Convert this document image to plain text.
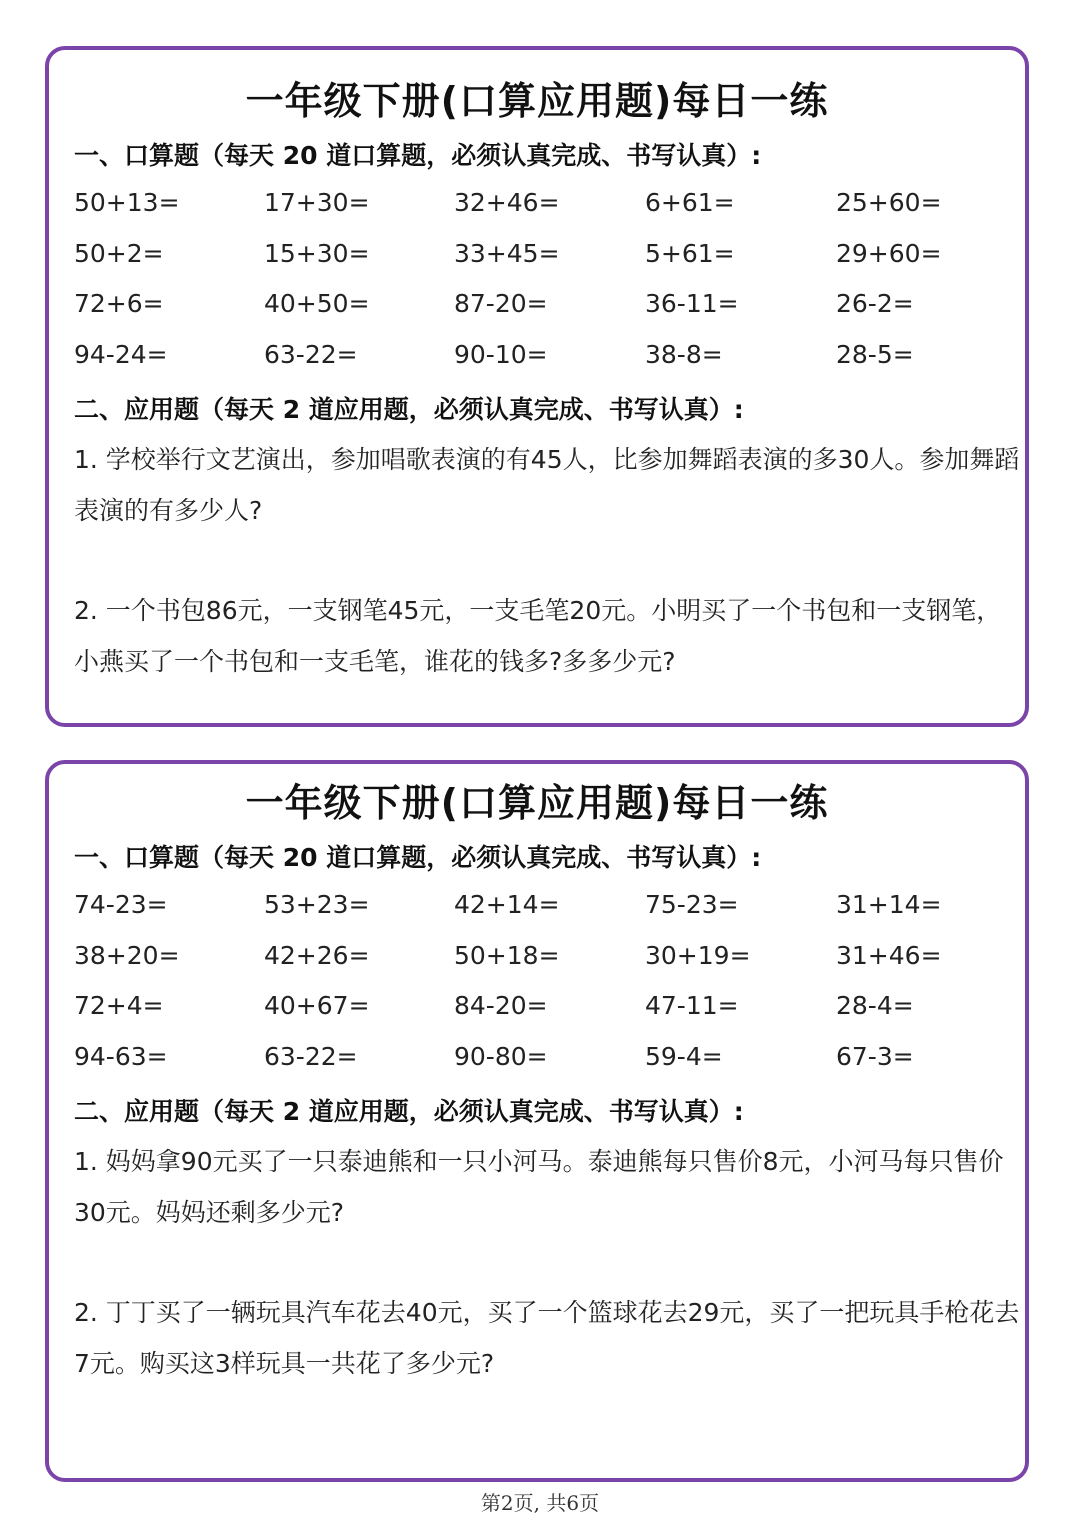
一年级下册(口算应用题)每日一练
一、口算题（每天 20 道口算题，必须认真完成、书写认真）:
50+13=	17+30=	32+46=	6+61=	25+60=
50+2=	15+30=	33+45=	5+61=	29+60=
72+6=	40+50=	87-20=	36-11=	26-2=
94-24=	63-22=	90-10=	38-8=	28-5=
二、应用题（每天 2 道应用题，必须认真完成、书写认真）:
1. 学校举行文艺演出，参加唱歌表演的有45人，比参加舞蹈表演的多30人。参加舞蹈表演的有多少人?
2. 一个书包86元，一支钢笔45元，一支毛笔20元。小明买了一个书包和一支钢笔，小燕买了一个书包和一支毛笔，谁花的钱多?多多少元?
一年级下册(口算应用题)每日一练
一、口算题（每天 20 道口算题，必须认真完成、书写认真）:
74-23=	53+23=	42+14=	75-23=	31+14=
38+20=	42+26=	50+18=	30+19=	31+46=
72+4=	40+67=	84-20=	47-11=	28-4=
94-63=	63-22=	90-80=	59-4=	67-3=
二、应用题（每天 2 道应用题，必须认真完成、书写认真）:
1. 妈妈拿90元买了一只泰迪熊和一只小河马。泰迪熊每只售价8元，小河马每只售价30元。妈妈还剩多少元?
2. 丁丁买了一辆玩具汽车花去40元，买了一个篮球花去29元，买了一把玩具手枪花去7元。购买这3样玩具一共花了多少元?
第2页, 共6页
